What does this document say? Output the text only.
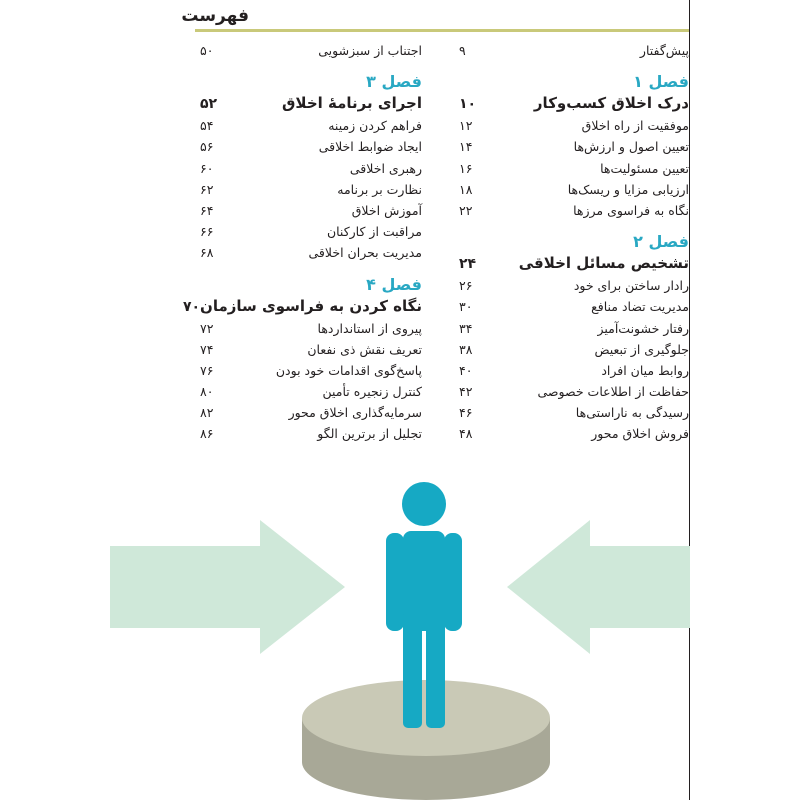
فهرست
پیش‌گفتار
۹
فصل ۱
درک اخلاق کسب‌وکار
۱۰
موفقیت از راه اخلاق
۱۲
تعیین اصول و ارزش‌ها
۱۴
تعیین مسئولیت‌ها
۱۶
ارزیابی مزایا و ریسک‌ها
۱۸
نگاه به فراسوی مرزها
۲۲
فصل ۲
تشخیص مسائل اخلاقی
۲۴
رادار ساختن برای خود
۲۶
مدیریت تضاد منافع
۳۰
رفتار خشونت‌آمیز
۳۴
جلوگیری از تبعیض
۳۸
روابط میان افراد
۴۰
حفاظت از اطلاعات خصوصی
۴۲
رسیدگی به ناراستی‌ها
۴۶
فروش اخلاق محور
۴۸
اجتناب از سبزشویی
۵۰
فصل ۳
اجرای برنامهٔ اخلاق
۵۲
فراهم کردن زمینه
۵۴
ایجاد ضوابط اخلاقی
۵۶
رهبری اخلاقی
۶۰
نظارت بر برنامه
۶۲
آموزش اخلاق
۶۴
مراقبت از کارکنان
۶۶
مدیریت بحران اخلاقی
۶۸
فصل ۴
نگاه کردن به فراسوی سازمان
۷۰
پیروی از استانداردها
۷۲
تعریف نقش ذی نفعان
۷۴
پاسخ‌گوی اقدامات خود بودن
۷۶
کنترل زنجیره تأمین
۸۰
سرمایه‌گذاری اخلاق محور
۸۲
تجلیل از برترین الگو
۸۶
